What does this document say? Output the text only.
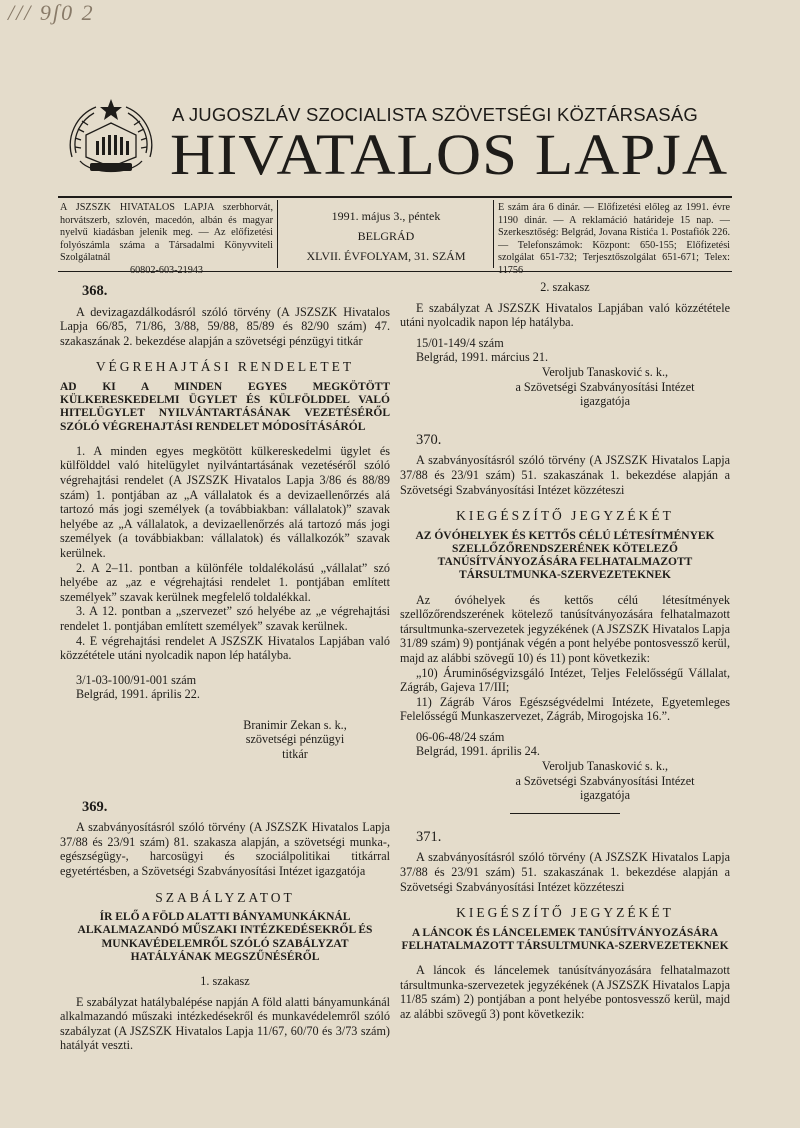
/// 9ʃ0 2
A JUGOSZLÁV SZOCIALISTA SZÖVETSÉGI KÖZTÁRSASÁG
HIVATALOS LAPJA
A JSZSZK HIVATALOS LAPJA szerbhorvát, horvátszerb, szlovén, macedón, albán és magyar nyelvű kiadásban jelenik meg. — Az előfizetési folyószámla száma a Társadalmi Könyvviteli Szolgálatnál
60802-603-21943
1991. május 3., péntek
BELGRÁD
XLVII. ÉVFOLYAM, 31. SZÁM
E szám ára 6 dinár. — Előfizetési előleg az 1991. évre 1190 dinár. — A reklamáció határideje 15 nap. — Szerkesztőség: Belgrád, Jovana Ristića 1. Postafiók 226. — Telefonszámok: Központ: 650-155; Előfizetési szolgálat 651-732; Terjesztőszolgálat 651-671; Telex: 11756

368.

A devizagazdálkodásról szóló törvény (A JSZSZK Hivatalos Lapja 66/85, 71/86, 3/88, 59/88, 85/89 és 82/90 szám) 47. szakaszának 2. bekezdése alapján a szövetségi pénzügyi titkár

VÉGREHAJTÁSI RENDELETET

AD KI A MINDEN EGYES MEGKÖTÖTT KÜLKERESKEDELMI ÜGYLET ÉS KÜLFÖLDDEL VALÓ HITELÜGYLET NYILVÁNTARTÁSÁNAK VEZETÉSÉRŐL SZÓLÓ VÉGREHAJTÁSI RENDELET MÓDOSÍTÁSÁRÓL

1. A minden egyes megkötött külkereskedelmi ügylet és külfölddel való hitelügylet nyilvántartásának vezetéséről szóló végrehajtási rendelet (A JSZSZK Hivatalos Lapja 3/86 és 88/89 szám) 1. pontjában az „A vállalatok és a devizaellenőrzés alá tartozó más jogi személyek (a továbbiakban: vállalatok)” szavak helyébe az „A vállalatok, a devizaellenőrzés alá tartozó más jogi személyek (a továbbiakban: vállalatok) és vállalkozók” szavak kerülnek.

2. A 2–11. pontban a különféle toldalékolású „vállalat” szó helyébe az „az e végrehajtási rendelet 1. pontjában említett személyek” szavak kerülnek megfelelő toldalékkal.

3. A 12. pontban a „szervezet” szó helyébe az „e végrehajtási rendelet 1. pontjában említett személyek” szavak kerülnek.

4. E végrehajtási rendelet A JSZSZK Hivatalos Lapjában való közzététele utáni nyolcadik napon lép hatályba.

3/1-03-100/91-001 szám

Belgrád, 1991. április 22.

Branimir Zekan s. k.,
szövetségi pénzügyi
titkár

369.

A szabványosításról szóló törvény (A JSZSZK Hivatalos Lapja 37/88 és 23/91 szám) 81. szakasza alapján, a szövetségi munka-, egészségügy-, harcosügyi és szociálpolitikai titkárral egyetértésben, a Szövetségi Szabványosítási Intézet igazgatója

SZABÁLYZATOT

ÍR ELŐ A FÖLD ALATTI BÁNYAMUNKÁKNÁL ALKALMAZANDÓ MŰSZAKI INTÉZKEDÉSEKRŐL ÉS MUNKAVÉDELEMRŐL SZÓLÓ SZABÁLYZAT HATÁLYÁNAK MEGSZŰNÉSÉRŐL

1. szakasz

E szabályzat hatálybalépése napján A föld alatti bányamunkánál alkalmazandó műszaki intézkedésekről és munkavédelemről szóló szabályzat (A JSZSZK Hivatalos Lapja 11/67, 60/70 és 3/73 szám) hatályát veszti.

2. szakasz

E szabályzat A JSZSZK Hivatalos Lapjában való közzététele utáni nyolcadik napon lép hatályba.

15/01-149/4 szám

Belgrád, 1991. március 21.

Veroljub Tanasković s. k.,
a Szövetségi Szabványosítási Intézet
igazgatója

370.

A szabványosításról szóló törvény (A JSZSZK Hivatalos Lapja 37/88 és 23/91 szám) 51. szakaszának 1. bekezdése alapján a Szövetségi Szabványosítási Intézet közzéteszi

KIEGÉSZÍTŐ JEGYZÉKÉT

AZ ÓVÓHELYEK ÉS KETTŐS CÉLÚ LÉTESÍTMÉNYEK SZELLŐZŐRENDSZERÉNEK KÖTELEZŐ TANÚSÍTVÁNYOZÁSÁRA FELHATALMAZOTT TÁRSULTMUNKA-SZERVEZETEKNEK

Az óvóhelyek és kettős célú létesítmények szellőzőrendszerének kötelező tanúsítványozására felhatalmazott társultmunka-szervezetek jegyzékének (A JSZSZK Hivatalos Lapja 31/89 szám) 9) pontjának végén a pont helyébe pontosvessző kerül, majd az alábbi szövegű 10) és 11) pont következik:

„10) Áruminőségvizsgáló Intézet, Teljes Felelősségű Vállalat, Zágráb, Gajeva 17/III;

11) Zágráb Város Egészségvédelmi Intézete, Egyetemleges Felelősségű Munkaszervezet, Zágráb, Mirogojska 16.”.

06-06-48/24 szám

Belgrád, 1991. április 24.

Veroljub Tanasković s. k.,
a Szövetségi Szabványosítási Intézet
igazgatója

371.

A szabványosításról szóló törvény (A JSZSZK Hivatalos Lapja 37/88 és 23/91 szám) 51. szakaszának 1. bekezdése alapján a Szövetségi Szabványosítási Intézet közzéteszi

KIEGÉSZÍTŐ JEGYZÉKÉT

A LÁNCOK ÉS LÁNCELEMEK TANÚSÍTVÁNYOZÁSÁRA FELHATALMAZOTT TÁRSULTMUNKA-SZERVEZETEKNEK

A láncok és láncelemek tanúsítványozására felhatalmazott társultmunka-szervezetek jegyzékének (A JSZSZK Hivatalos Lapja 11/85 szám) 2) pontjában a pont helyébe pontosvessző kerül, majd az alábbi szövegű 3) pont következik:
